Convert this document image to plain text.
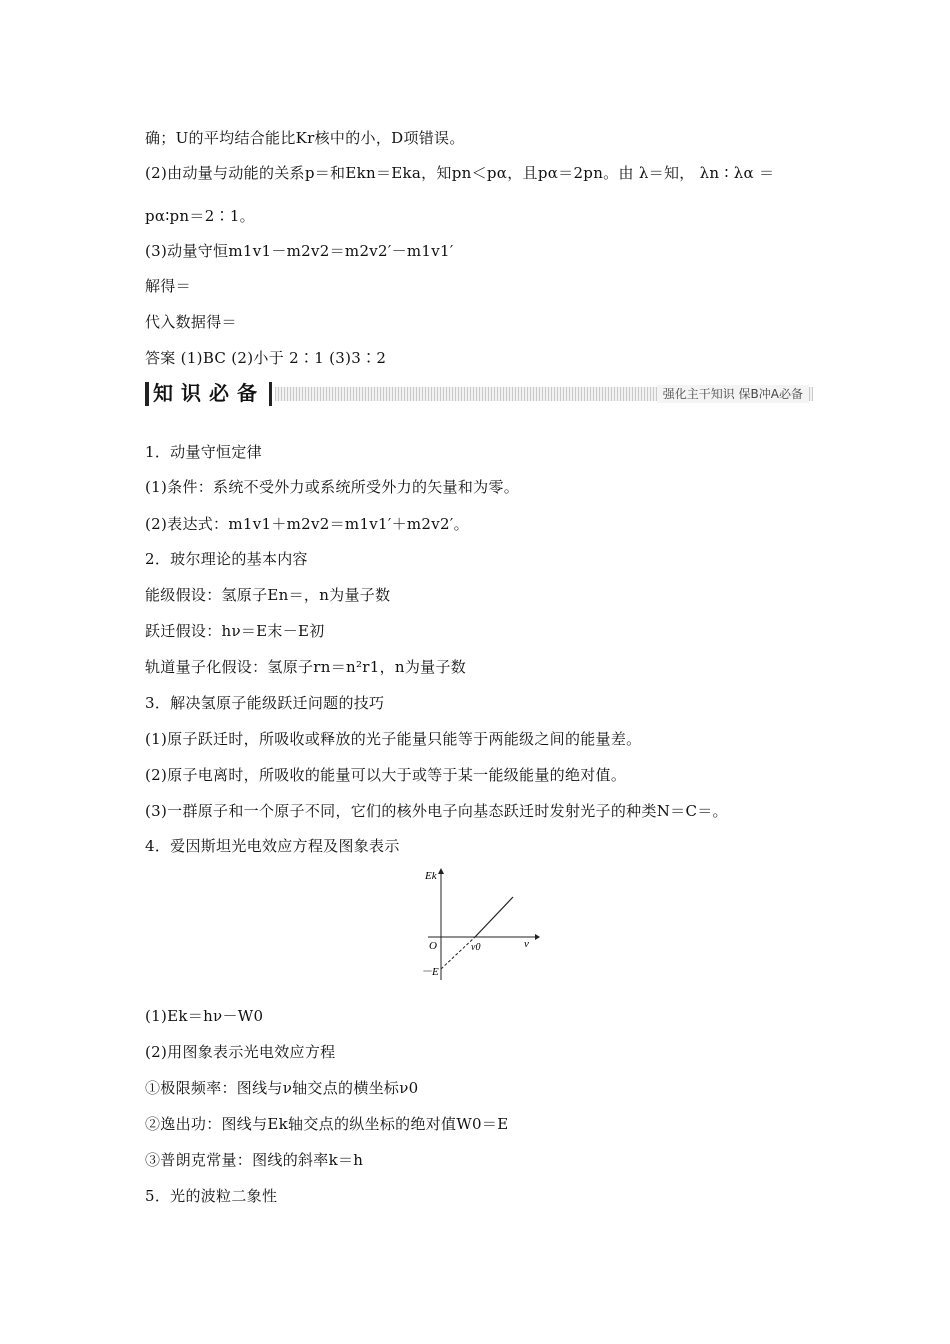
确；U的平均结合能比Kr核中的小，D项错误。
(2)由动量与动能的关系p＝和Ekn＝Eka，知pn＜pα，且pα＝2pn。由 λ＝知， λn ∶ λα ＝
pα∶pn＝2∶1。
(3)动量守恒m1v1－m2v2＝m2v2′－m1v1′
解得＝
代入数据得＝
答案 (1)BC (2)小于 2∶1 (3)3∶2
知识必备	强化主干知识 保B冲A必备
1．动量守恒定律
(1)条件：系统不受外力或系统所受外力的矢量和为零。
(2)表达式：m1v1＋m2v2＝m1v1′＋m2v2′。
2．玻尔理论的基本内容
能级假设：氢原子En＝，n为量子数
跃迁假设：hν＝E末－E初
轨道量子化假设：氢原子rn＝n²r1，n为量子数
3．解决氢原子能级跃迁问题的技巧
(1)原子跃迁时，所吸收或释放的光子能量只能等于两能级之间的能量差。
(2)原子电离时，所吸收的能量可以大于或等于某一能级能量的绝对值。
(3)一群原子和一个原子不同，它们的核外电子向基态跃迁时发射光子的种类N＝C＝。
4．爱因斯坦光电效应方程及图象表示
Ek
O	ν
ν0
－E
(1)Ek＝hν－W0
(2)用图象表示光电效应方程
①极限频率：图线与ν轴交点的横坐标ν0
②逸出功：图线与Ek轴交点的纵坐标的绝对值W0＝E
③普朗克常量：图线的斜率k＝h
5．光的波粒二象性
